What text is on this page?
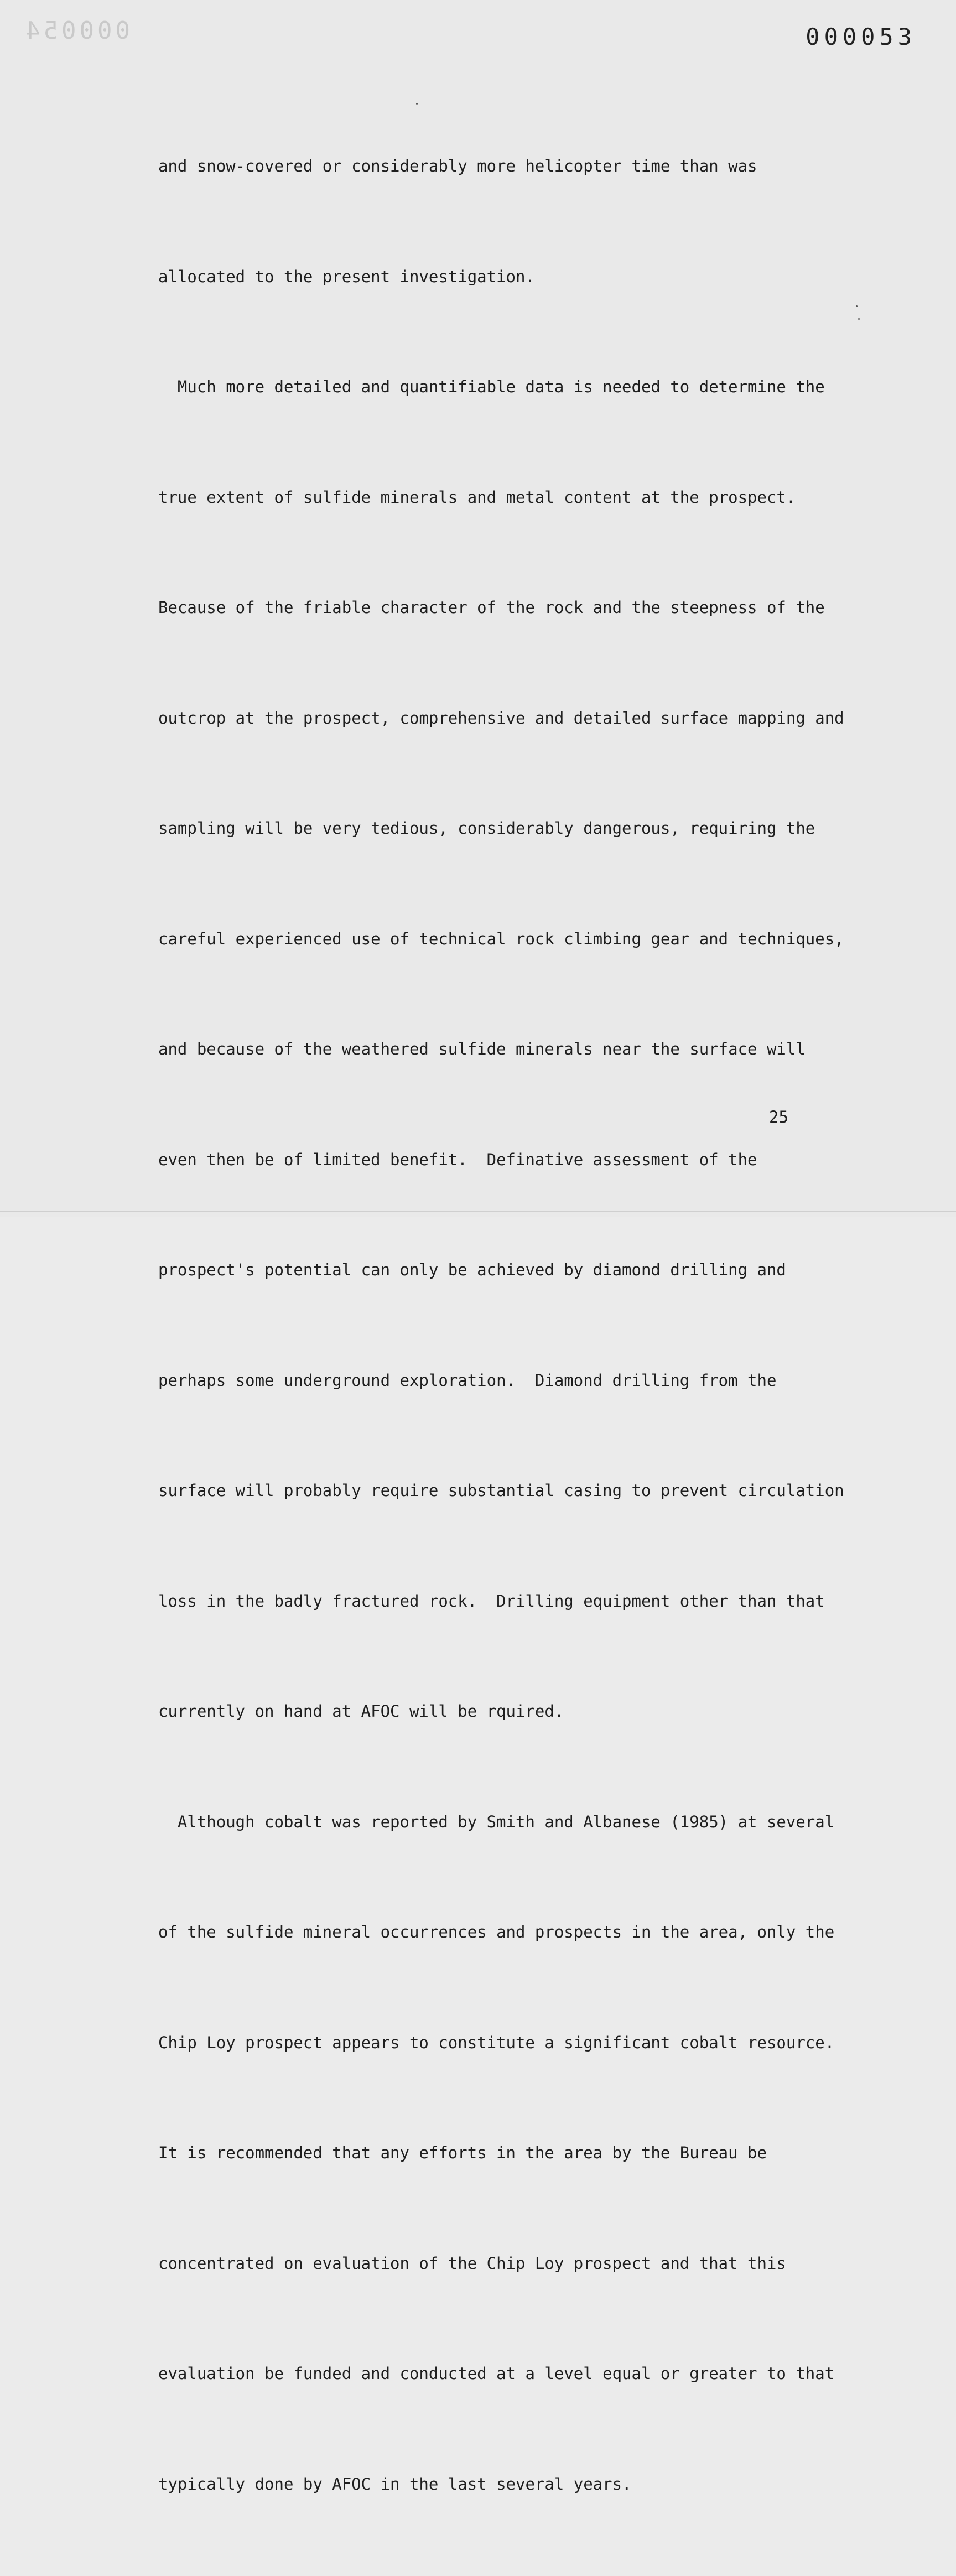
000054	000053

and snow-covered or considerably more helicopter time than was

allocated to the present investigation.

Much more detailed and quantifiable data is needed to determine the

true extent of sulfide minerals and metal content at the prospect.

Because of the friable character of the rock and the steepness of the

outcrop at the prospect, comprehensive and detailed surface mapping and

sampling will be very tedious, considerably dangerous, requiring the

careful experienced use of technical rock climbing gear and techniques,

and because of the weathered sulfide minerals near the surface will

even then be of limited benefit.  Definative assessment of the

prospect's potential can only be achieved by diamond drilling and

perhaps some underground exploration.  Diamond drilling from the

surface will probably require substantial casing to prevent circulation

loss in the badly fractured rock.  Drilling equipment other than that

currently on hand at AFOC will be rquired.

Although cobalt was reported by Smith and Albanese (1985) at several

of the sulfide mineral occurrences and prospects in the area, only the

Chip Loy prospect appears to constitute a significant cobalt resource.

It is recommended that any efforts in the area by the Bureau be

concentrated on evaluation of the Chip Loy prospect and that this

evaluation be funded and conducted at a level equal or greater to that

typically done by AFOC in the last several years.

25
